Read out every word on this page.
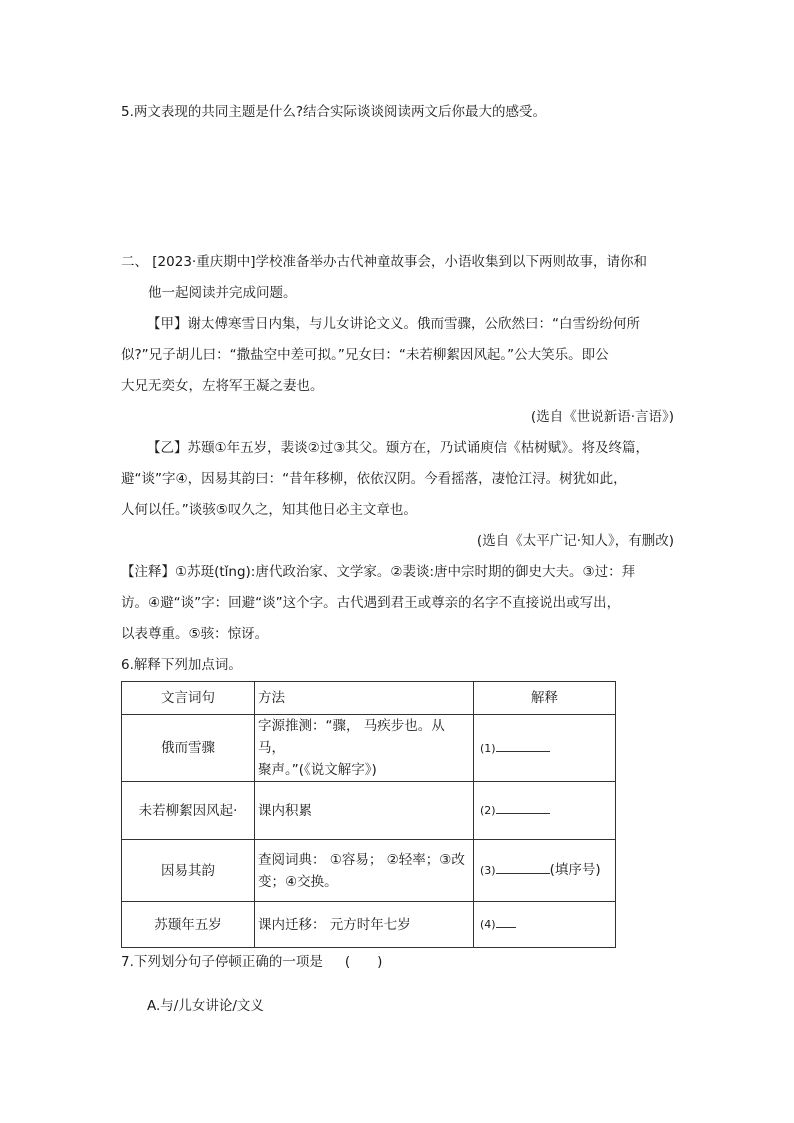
5.两文表现的共同主题是什么?结合实际谈谈阅读两文后你最大的感受。
二、 [2023·重庆期中]学校准备举办古代神童故事会，小语收集到以下两则故事，请你和
他一起阅读并完成问题。
【甲】谢太傅寒雪日内集，与儿女讲论文义。俄而雪骤，公欣然曰：“白雪纷纷何所
似?”兄子胡儿曰：“撒盐空中差可拟。”兄女曰：“未若柳絮因风起。”公大笑乐。即公
大兄无奕女，左将军王凝之妻也。
(选自《世说新语·言语》)
【乙】苏颋①年五岁，裴谈②过③其父。颋方在，乃试诵庾信《枯树赋》。将及终篇，
避“谈”字④，因易其韵曰：“昔年移柳，依依汉阴。今看摇落，凄怆江浔。树犹如此，
人何以任。”谈骇⑤叹久之，知其他日必主文章也。
(选自《太平广记·知人》，有删改)
【注释】①苏珽(tǐng):唐代政治家、文学家。②裴谈:唐中宗时期的御史大夫。③过：拜
访。④避“谈”字：回避“谈”这个字。古代遇到君王或尊亲的名字不直接说出或写出，
以表尊重。⑤骇：惊讶。
6.解释下列加点词。
文言词句	方法	解释
俄而雪骤	字源推测：“骤， 马疾步也。从马，
聚声。”(《说文解字》)	(1)
未若柳絮因风起·	课内积累	(2)
因易其韵	查阅词典： ①容易； ②轻率；③改
变；④交换。	(3) (填序号)
苏颋年五岁	课内迁移： 元方时年七岁	(4)
7.下列划分句子停顿正确的一项是 (　　)
A.与/儿女讲论/文义
